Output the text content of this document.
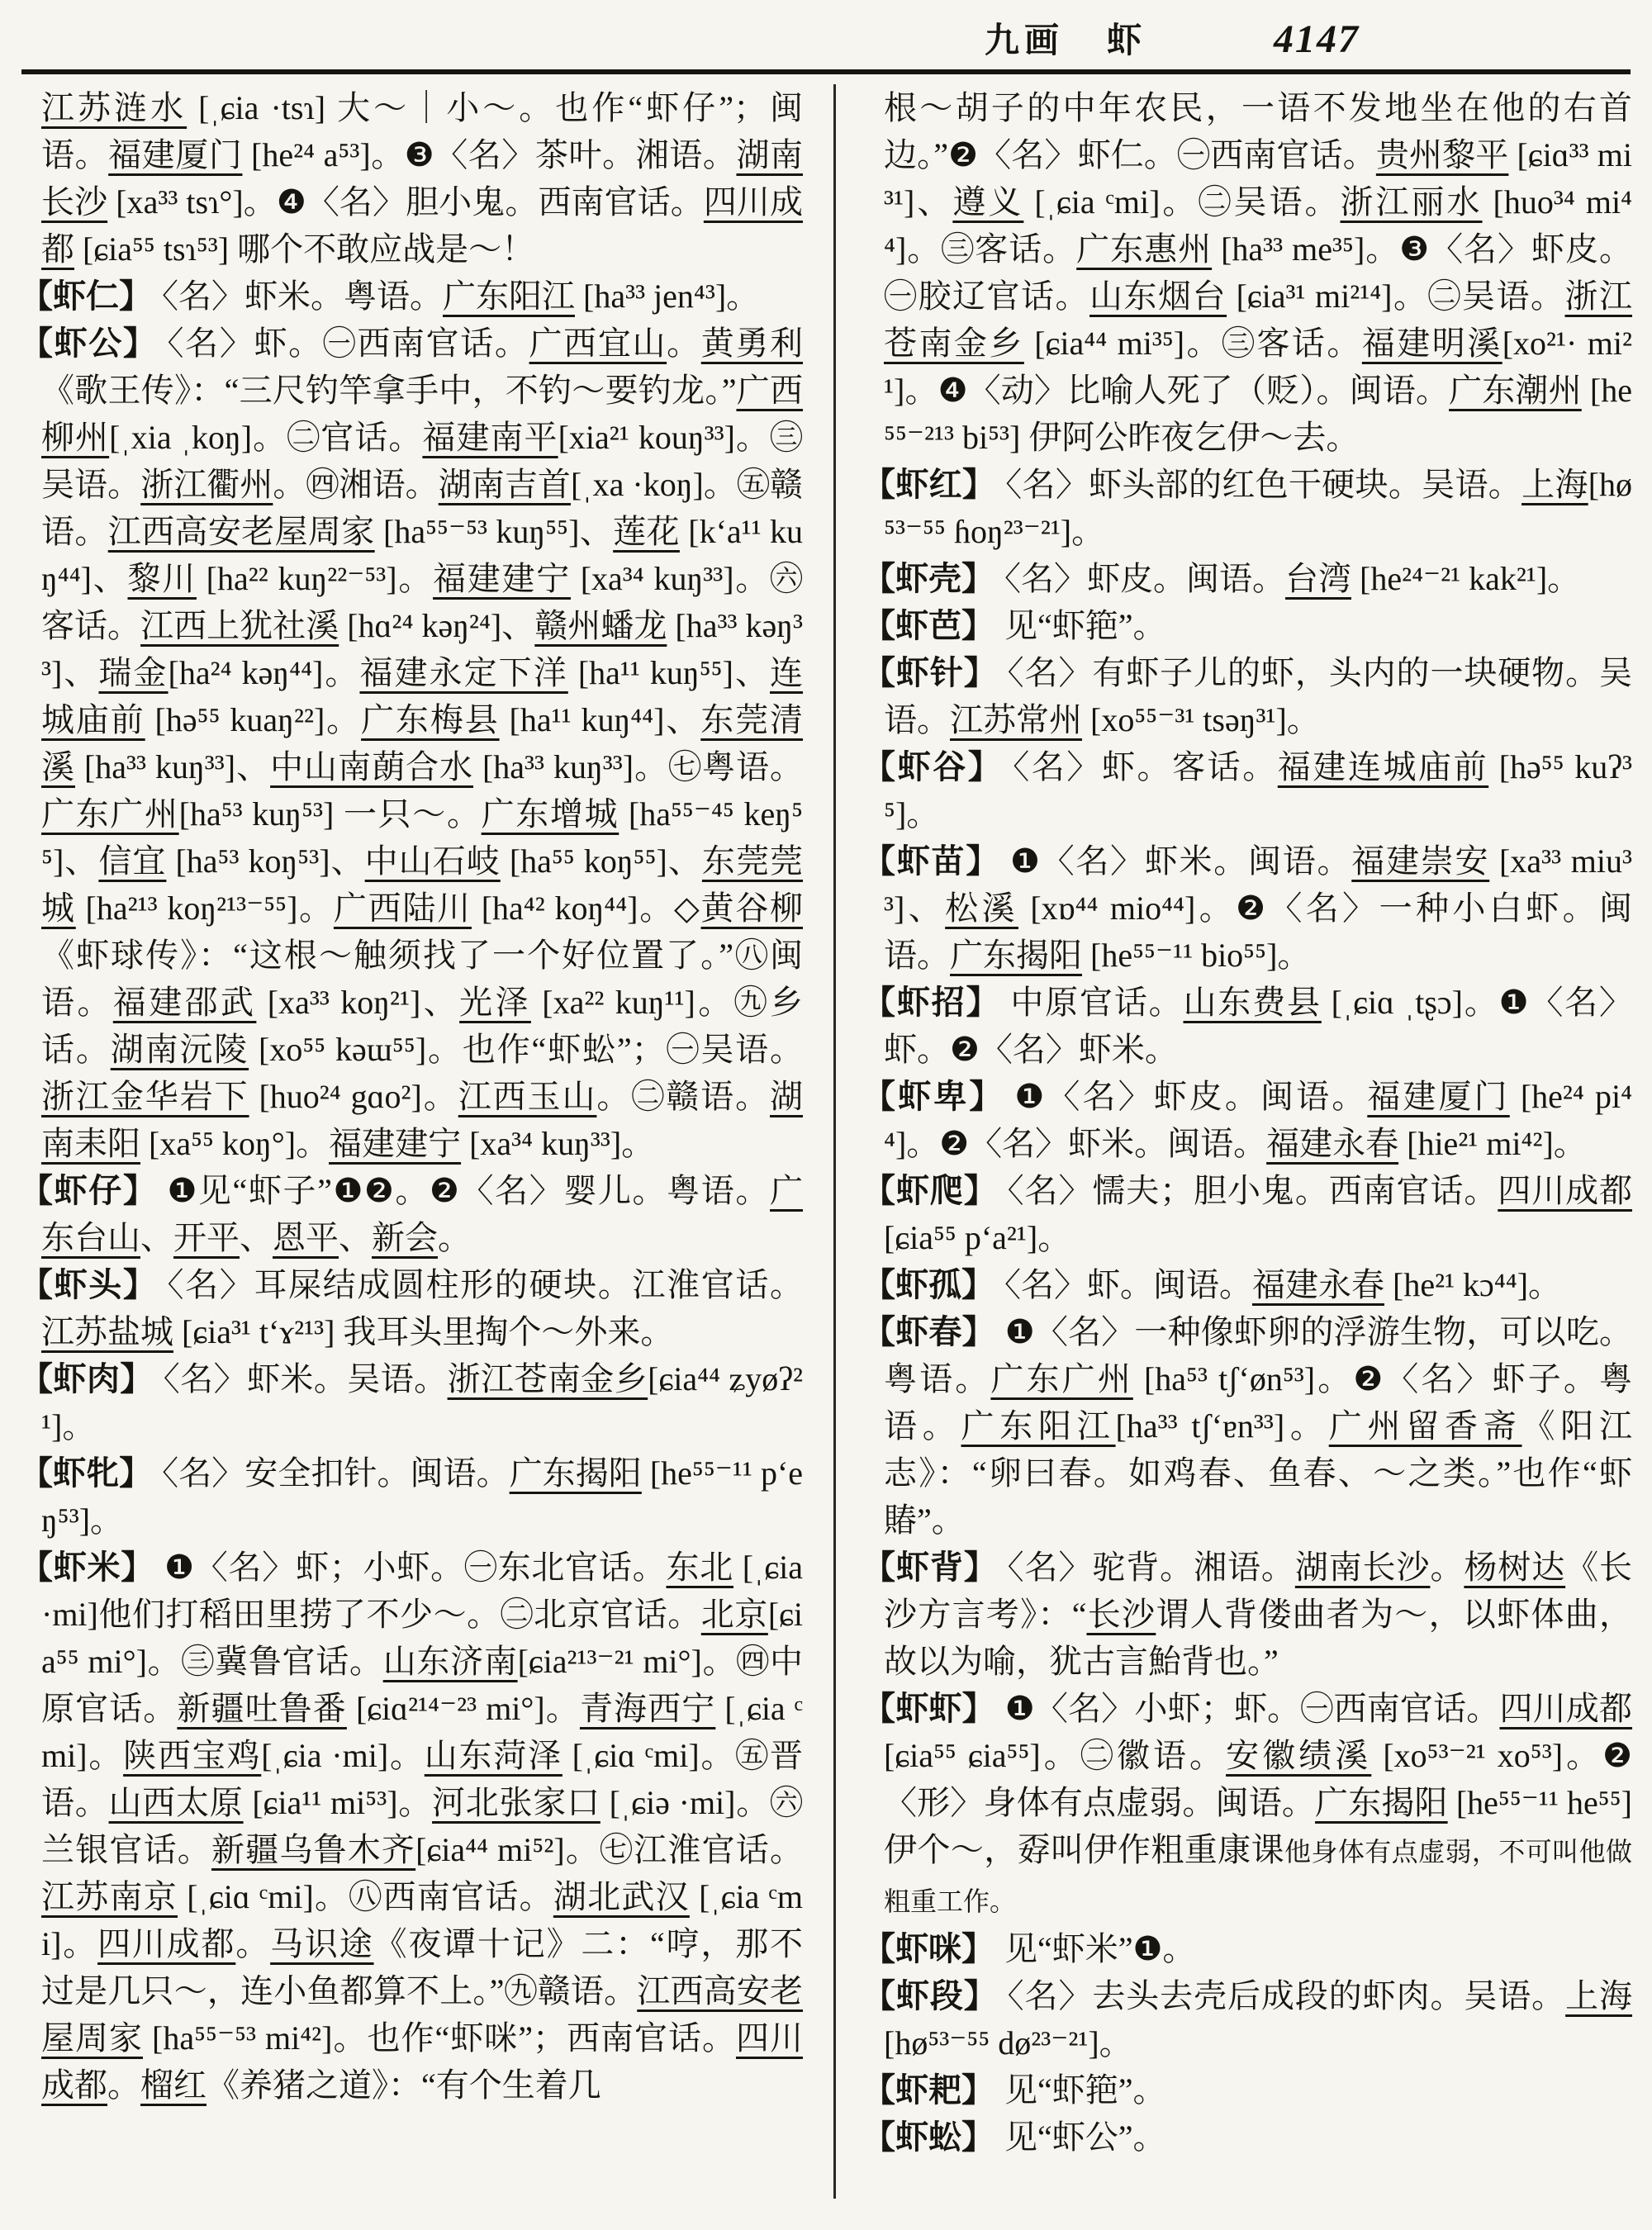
九画 虾	4147

江苏涟水 [ˌɕia ·tsɿ] 大～｜小～。也作“虾仔”；闽语。福建厦门 [he²⁴ a⁵³]。❸〈名〉茶叶。湘语。湖南长沙 [xa³³ tsɿ°]。❹〈名〉胆小鬼。西南官话。四川成都 [ɕia⁵⁵ tsɿ⁵³] 哪个不敢应战是～！

【虾仁】 〈名〉虾米。粤语。广东阳江 [ha³³ jen⁴³]。

【虾公】 〈名〉虾。㊀西南官话。广西宜山。黄勇利《歌王传》：“三尺钓竿拿手中，不钓～要钓龙。”广西柳州[ˌxia ˌkoŋ]。㊁官话。福建南平[xia²¹ kouŋ³³]。㊂吴语。浙江衢州。㊃湘语。湖南吉首[ˌxa ·koŋ]。㊄赣语。江西高安老屋周家 [ha⁵⁵⁻⁵³ kuŋ⁵⁵]、莲花 [k‘a¹¹ kuŋ⁴⁴]、黎川 [ha²² kuŋ²²⁻⁵³]。福建建宁 [xa³⁴ kuŋ³³]。㊅客话。江西上犹社溪 [hɑ²⁴ kəŋ²⁴]、赣州蟠龙 [ha³³ kəŋ³³]、瑞金[ha²⁴ kəŋ⁴⁴]。福建永定下洋 [ha¹¹ kuŋ⁵⁵]、连城庙前 [hə⁵⁵ kuaŋ²²]。广东梅县 [ha¹¹ kuŋ⁴⁴]、东莞清溪 [ha³³ kuŋ³³]、中山南蓢合水 [ha³³ kuŋ³³]。㊆粤语。广东广州[ha⁵³ kuŋ⁵³] 一只～。广东增城 [ha⁵⁵⁻⁴⁵ keŋ⁵⁵]、信宜 [ha⁵³ koŋ⁵³]、中山石岐 [ha⁵⁵ koŋ⁵⁵]、东莞莞城 [ha²¹³ koŋ²¹³⁻⁵⁵]。广西陆川 [ha⁴² koŋ⁴⁴]。◇黄谷柳《虾球传》：“这根～触须找了一个好位置了。”㊇闽语。福建邵武 [xa³³ koŋ²¹]、光泽 [xa²² kuŋ¹¹]。㊈乡话。湖南沅陵 [xo⁵⁵ kəɯ⁵⁵]。也作“虾蚣”；㊀吴语。浙江金华岩下 [huo²⁴ gɑo²]。江西玉山。㊁赣语。湖南耒阳 [xa⁵⁵ koŋ°]。福建建宁 [xa³⁴ kuŋ³³]。

【虾仔】 ❶见“虾子”❶❷。❷〈名〉婴儿。粤语。广东台山、开平、恩平、新会。

【虾头】 〈名〉耳屎结成圆柱形的硬块。江淮官话。江苏盐城 [ɕia³¹ t‘ɤ²¹³] 我耳头里掏个～外来。

【虾肉】 〈名〉虾米。吴语。浙江苍南金乡[ɕia⁴⁴ ʑyøʔ²¹]。

【虾牝】 〈名〉安全扣针。闽语。广东揭阳 [he⁵⁵⁻¹¹ p‘eŋ⁵³]。

【虾米】 ❶〈名〉虾；小虾。㊀东北官话。东北 [ˌɕia ·mi]他们打稻田里捞了不少～。㊁北京官话。北京[ɕia⁵⁵ mi°]。㊂冀鲁官话。山东济南[ɕia²¹³⁻²¹ mi°]。㊃中原官话。新疆吐鲁番 [ɕiɑ²¹⁴⁻²³ mi°]。青海西宁 [ˌɕia ᶜmi]。陕西宝鸡[ˌɕia ·mi]。山东菏泽 [ˌɕiɑ ᶜmi]。㊄晋语。山西太原 [ɕia¹¹ mi⁵³]。河北张家口 [ˌɕiə ·mi]。㊅兰银官话。新疆乌鲁木齐[ɕia⁴⁴ mi⁵²]。㊆江淮官话。江苏南京 [ˌɕiɑ ᶜmi]。㊇西南官话。湖北武汉 [ˌɕia ᶜmi]。四川成都。马识途《夜谭十记》二：“哼，那不过是几只～，连小鱼都算不上。”㊈赣语。江西高安老屋周家 [ha⁵⁵⁻⁵³ mi⁴²]。也作“虾咪”；西南官话。四川成都。榴红《养猪之道》：“有个生着几

根～胡子的中年农民，一语不发地坐在他的右首边。”❷〈名〉虾仁。㊀西南官话。贵州黎平 [ɕiɑ³³ mi³¹]、遵义 [ˌɕia ᶜmi]。㊁吴语。浙江丽水 [huo³⁴ mi⁴⁴]。㊂客话。广东惠州 [ha³³ me³⁵]。❸〈名〉虾皮。㊀胶辽官话。山东烟台 [ɕia³¹ mi²¹⁴]。㊁吴语。浙江苍南金乡 [ɕia⁴⁴ mi³⁵]。㊂客话。福建明溪[xo²¹· mi²¹]。❹〈动〉比喻人死了（贬）。闽语。广东潮州 [he⁵⁵⁻²¹³ bi⁵³] 伊阿公昨夜乞伊～去。

【虾红】 〈名〉虾头部的红色干硬块。吴语。上海[hø⁵³⁻⁵⁵ ɦoŋ²³⁻²¹]。

【虾壳】 〈名〉虾皮。闽语。台湾 [he²⁴⁻²¹ kak²¹]。

【虾芭】 见“虾筢”。

【虾针】 〈名〉有虾子儿的虾，头内的一块硬物。吴语。江苏常州 [xo⁵⁵⁻³¹ tsəŋ³¹]。

【虾谷】 〈名〉虾。客话。福建连城庙前 [hə⁵⁵ kuʔ³⁵]。

【虾苗】 ❶〈名〉虾米。闽语。福建崇安 [xa³³ miu³³]、松溪 [xɒ⁴⁴ mio⁴⁴]。❷〈名〉一种小白虾。闽语。广东揭阳 [he⁵⁵⁻¹¹ bio⁵⁵]。

【虾招】 中原官话。山东费县 [ˌɕiɑ ˌtʂɔ]。❶〈名〉虾。❷〈名〉虾米。

【虾卑】 ❶〈名〉虾皮。闽语。福建厦门 [he²⁴ pi⁴⁴]。❷〈名〉虾米。闽语。福建永春 [hie²¹ mi⁴²]。

【虾爬】 〈名〉懦夫；胆小鬼。西南官话。四川成都 [ɕia⁵⁵ p‘a²¹]。

【虾孤】 〈名〉虾。闽语。福建永春 [he²¹ kɔ⁴⁴]。

【虾春】 ❶〈名〉一种像虾卵的浮游生物，可以吃。粤语。广东广州 [ha⁵³ tʃ‘øn⁵³]。❷〈名〉虾子。粤语。广东阳江[ha³³ tʃ‘ɐn³³]。广州留香斋《阳江志》：“卵曰春。如鸡春、鱼春、～之类。”也作“虾賰”。

【虾背】 〈名〉驼背。湘语。湖南长沙。杨树达《长沙方言考》：“长沙谓人背偻曲者为～，以虾体曲，故以为喻，犹古言鮐背也。”

【虾虾】 ❶〈名〉小虾；虾。㊀西南官话。四川成都 [ɕia⁵⁵ ɕia⁵⁵]。㊁徽语。安徽绩溪 [xo⁵³⁻²¹ xo⁵³]。❷〈形〉身体有点虚弱。闽语。广东揭阳 [he⁵⁵⁻¹¹ he⁵⁵] 伊个～，孬叫伊作粗重康课他身体有点虚弱，不可叫他做粗重工作。

【虾咪】 见“虾米”❶。

【虾段】 〈名〉去头去壳后成段的虾肉。吴语。上海 [hø⁵³⁻⁵⁵ dø²³⁻²¹]。

【虾耙】 见“虾筢”。

【虾蚣】 见“虾公”。
